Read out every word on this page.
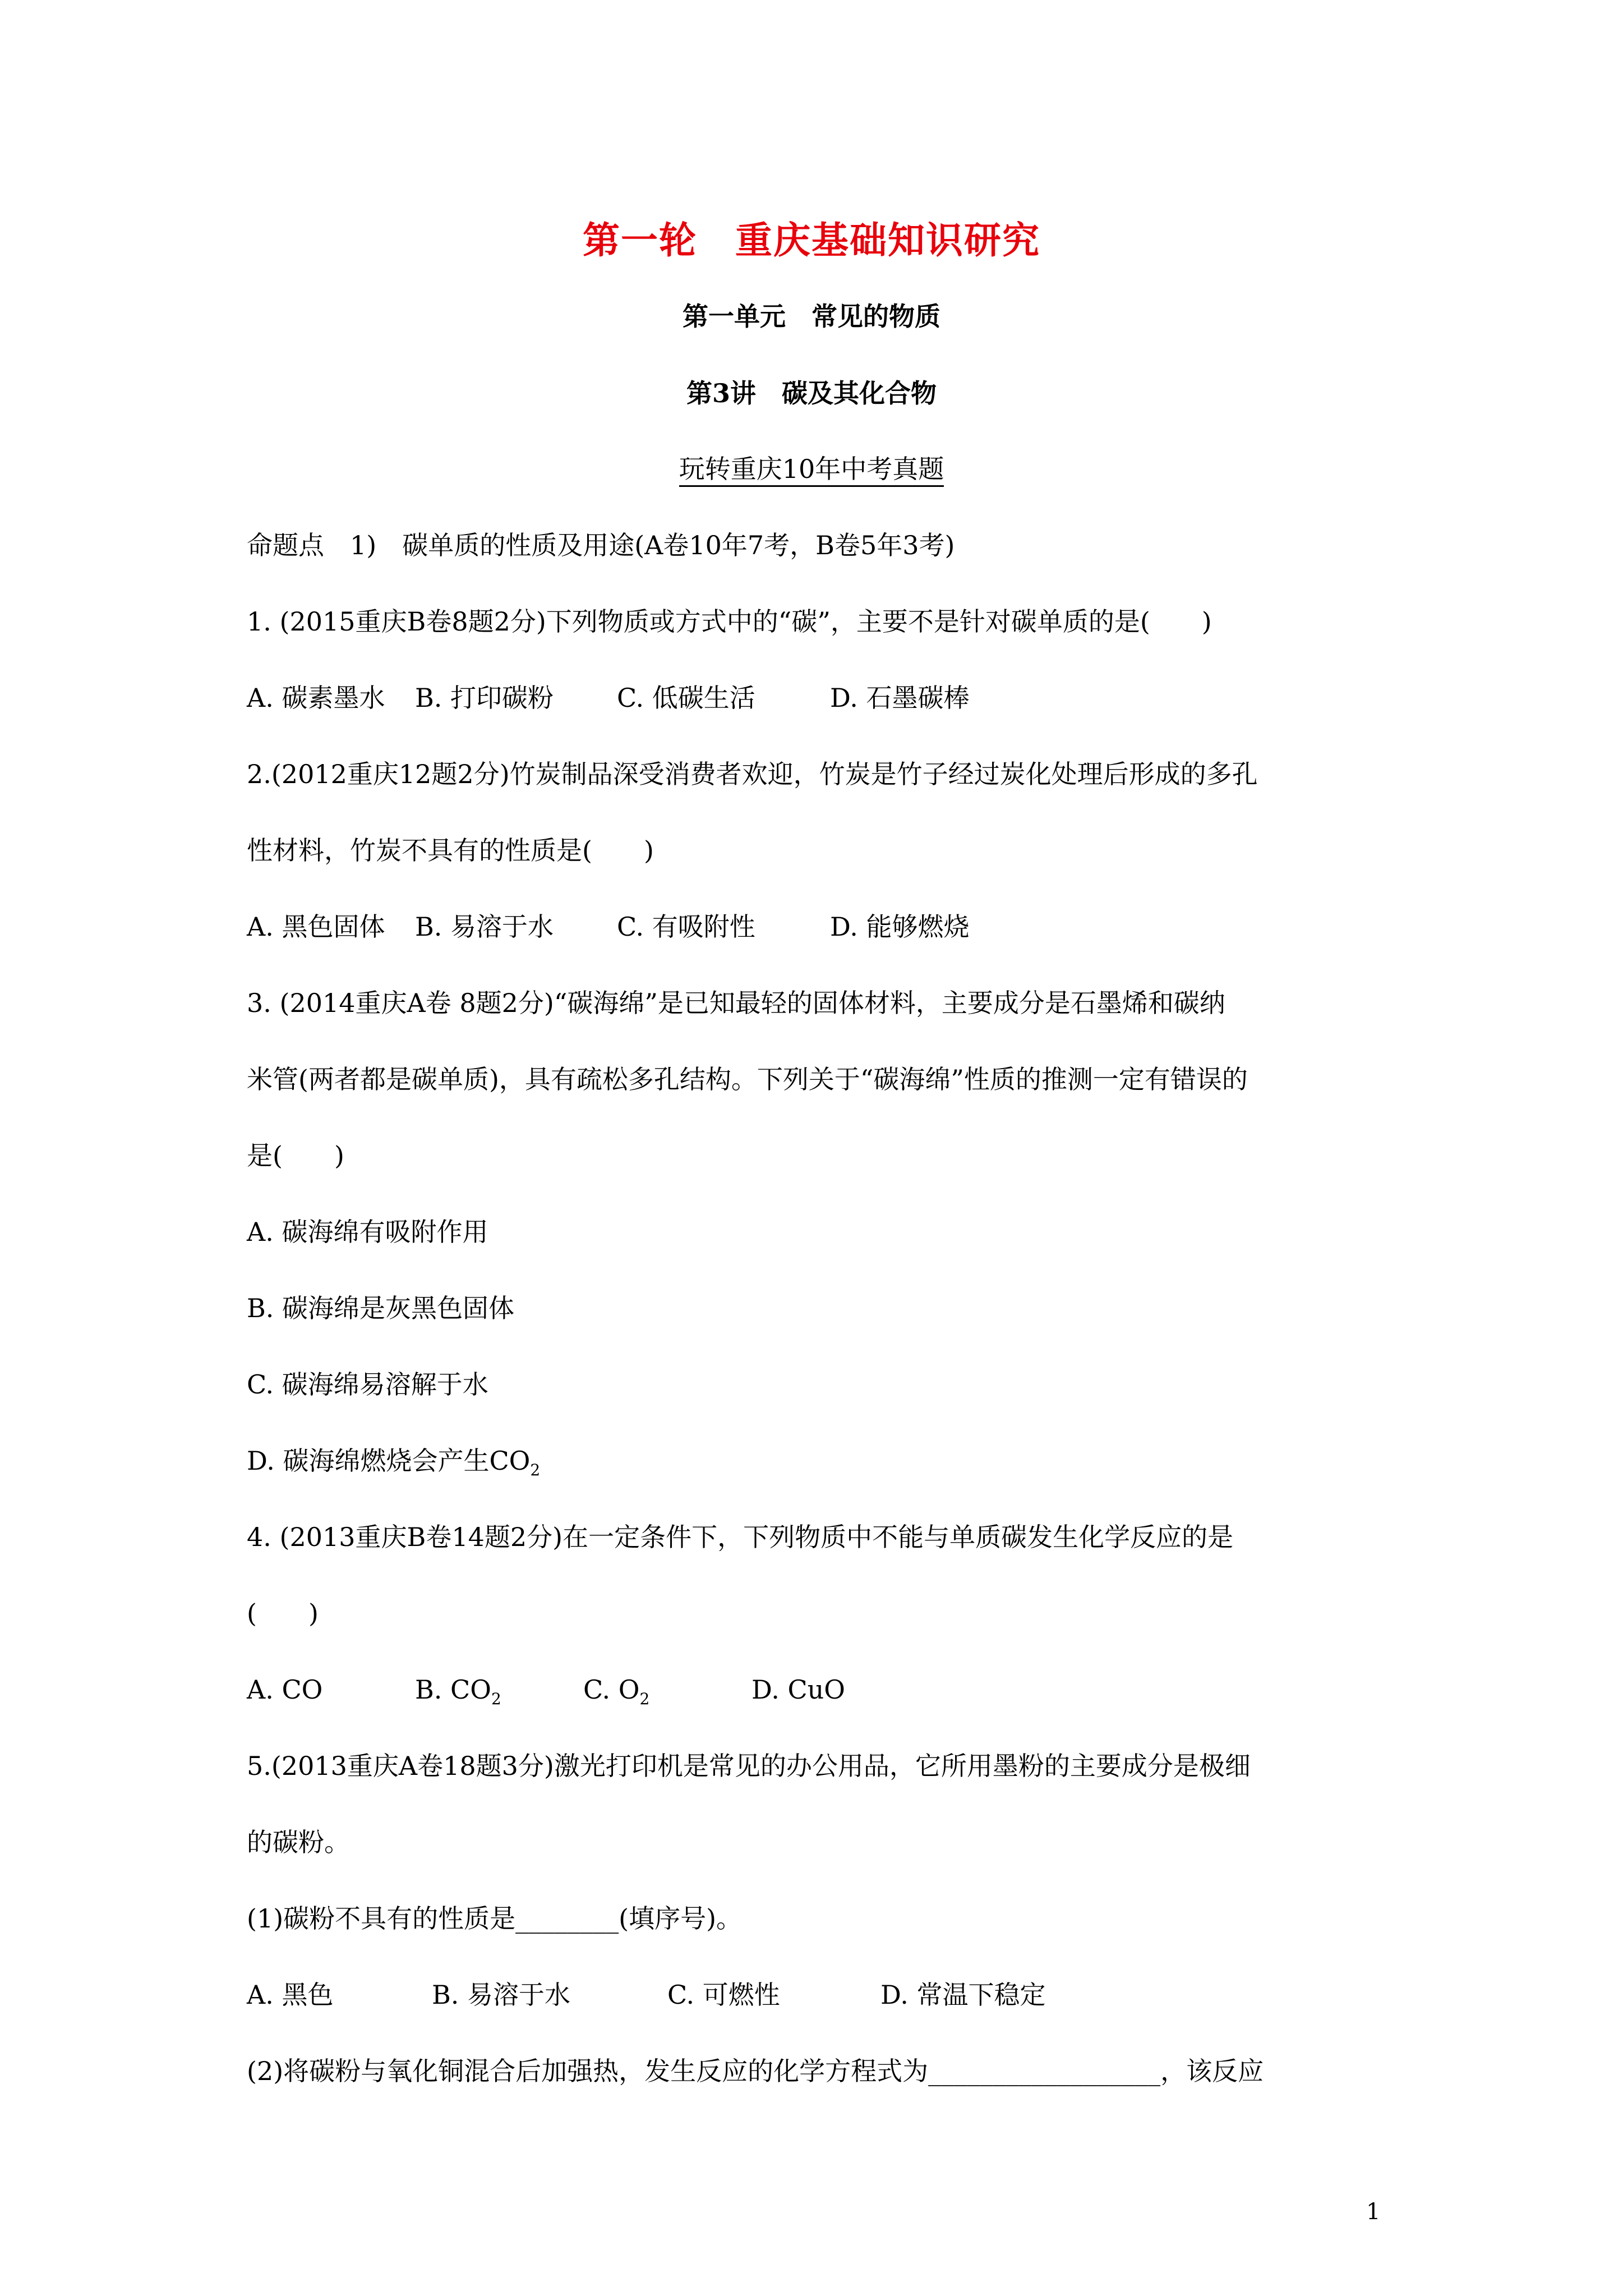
第一轮　重庆基础知识研究
第一单元　常见的物质
第3讲　碳及其化合物
玩转重庆10年中考真题
命题点　1)　碳单质的性质及用途(A卷10年7考，B卷5年3考)
1. (2015重庆B卷8题2分)下列物质或方式中的“碳”，主要不是针对碳单质的是(　　)
A. 碳素墨水	B. 打印碳粉	C. 低碳生活	D. 石墨碳棒
2.(2012重庆12题2分)竹炭制品深受消费者欢迎，竹炭是竹子经过炭化处理后形成的多孔
性材料，竹炭不具有的性质是(　　)
A. 黑色固体	B. 易溶于水	C. 有吸附性	D. 能够燃烧
3. (2014重庆A卷 8题2分)“碳海绵”是已知最轻的固体材料，主要成分是石墨烯和碳纳
米管(两者都是碳单质)，具有疏松多孔结构。下列关于“碳海绵”性质的推测一定有错误的
是(　　)
A. 碳海绵有吸附作用
B. 碳海绵是灰黑色固体
C. 碳海绵易溶解于水
D. 碳海绵燃烧会产生$CO_2$
4. (2013重庆B卷14题2分)在一定条件下，下列物质中不能与单质碳发生化学反应的是
(　　)
A. CO	B. $CO_2$	C. $O_2$	D. CuO
5.(2013重庆A卷18题3分)激光打印机是常见的办公用品，它所用墨粉的主要成分是极细
的碳粉。
(1)碳粉不具有的性质是________(填序号)。
A. 黑色	B. 易溶于水	C. 可燃性	D. 常温下稳定
(2)将碳粉与氧化铜混合后加强热，发生反应的化学方程式为__________________，该反应
1
